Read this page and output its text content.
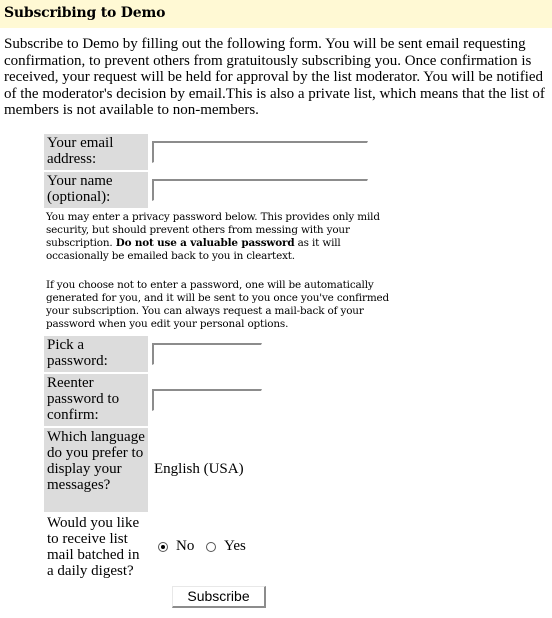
Subscribing to Demo
Subscribe to Demo by filling out the following form. You will be sent email requesting confirmation, to prevent others from gratuitously subscribing you. Once confirmation is received, your request will be held for approval by the list moderator. You will be notified of the moderator's decision by email.This is also a private list, which means that the list of members is not available to non-members.
Your email address:
Your name (optional):
You may enter a privacy password below. This provides only mild security, but should prevent others from messing with your subscription. Do not use a valuable password as it will occasionally be emailed back to you in cleartext.
If you choose not to enter a password, one will be automatically generated for you, and it will be sent to you once you've confirmed your subscription. You can always request a mail-back of your password when you edit your personal options.
Pick a password:
Reenter password to confirm:
Which language do you prefer to display your messages?
English (USA)
Would you like to receive list mail batched in a daily digest?
No Yes
Subscribe
